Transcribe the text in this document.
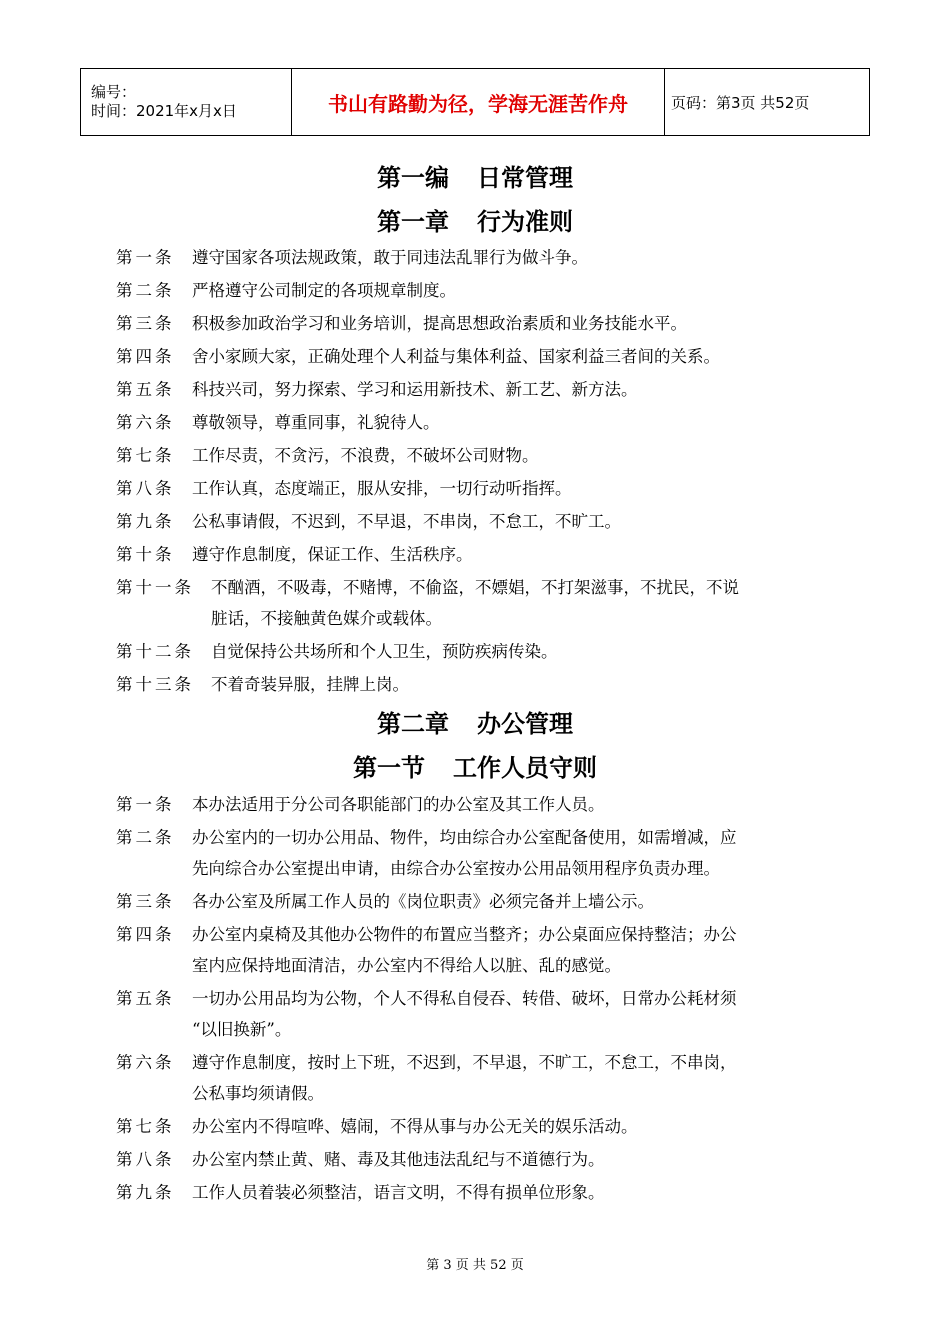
编号：
时间：2021年x月x日	书山有路勤为径，学海无涯苦作舟	页码：第3页 共52页
第一编 日常管理
第一章 行为准则
第一条 遵守国家各项法规政策，敢于同违法乱罪行为做斗争。
第二条 严格遵守公司制定的各项规章制度。
第三条 积极参加政治学习和业务培训，提高思想政治素质和业务技能水平。
第四条 舍小家顾大家，正确处理个人利益与集体利益、国家利益三者间的关系。
第五条 科技兴司，努力探索、学习和运用新技术、新工艺、新方法。
第六条 尊敬领导，尊重同事，礼貌待人。
第七条 工作尽责，不贪污，不浪费，不破坏公司财物。
第八条 工作认真，态度端正，服从安排，一切行动听指挥。
第九条 公私事请假，不迟到，不早退，不串岗，不怠工，不旷工。
第十条 遵守作息制度，保证工作、生活秩序。
第十一条 不酗酒，不吸毒，不赌博，不偷盗，不嫖娼，不打架滋事，不扰民，不说
脏话，不接触黄色媒介或载体。
第十二条 自觉保持公共场所和个人卫生，预防疾病传染。
第十三条 不着奇装异服，挂牌上岗。
第二章 办公管理
第一节 工作人员守则
第一条 本办法适用于分公司各职能部门的办公室及其工作人员。
第二条 办公室内的一切办公用品、物件，均由综合办公室配备使用，如需增减，应
先向综合办公室提出申请，由综合办公室按办公用品领用程序负责办理。
第三条 各办公室及所属工作人员的《岗位职责》必须完备并上墙公示。
第四条 办公室内桌椅及其他办公物件的布置应当整齐；办公桌面应保持整洁；办公
室内应保持地面清洁，办公室内不得给人以脏、乱的感觉。
第五条 一切办公用品均为公物，个人不得私自侵吞、转借、破坏，日常办公耗材须
“以旧换新”。
第六条 遵守作息制度，按时上下班，不迟到，不早退，不旷工，不怠工，不串岗，
公私事均须请假。
第七条 办公室内不得喧哗、嬉闹，不得从事与办公无关的娱乐活动。
第八条 办公室内禁止黄、赌、毒及其他违法乱纪与不道德行为。
第九条 工作人员着装必须整洁，语言文明，不得有损单位形象。
第 3 页 共 52 页
